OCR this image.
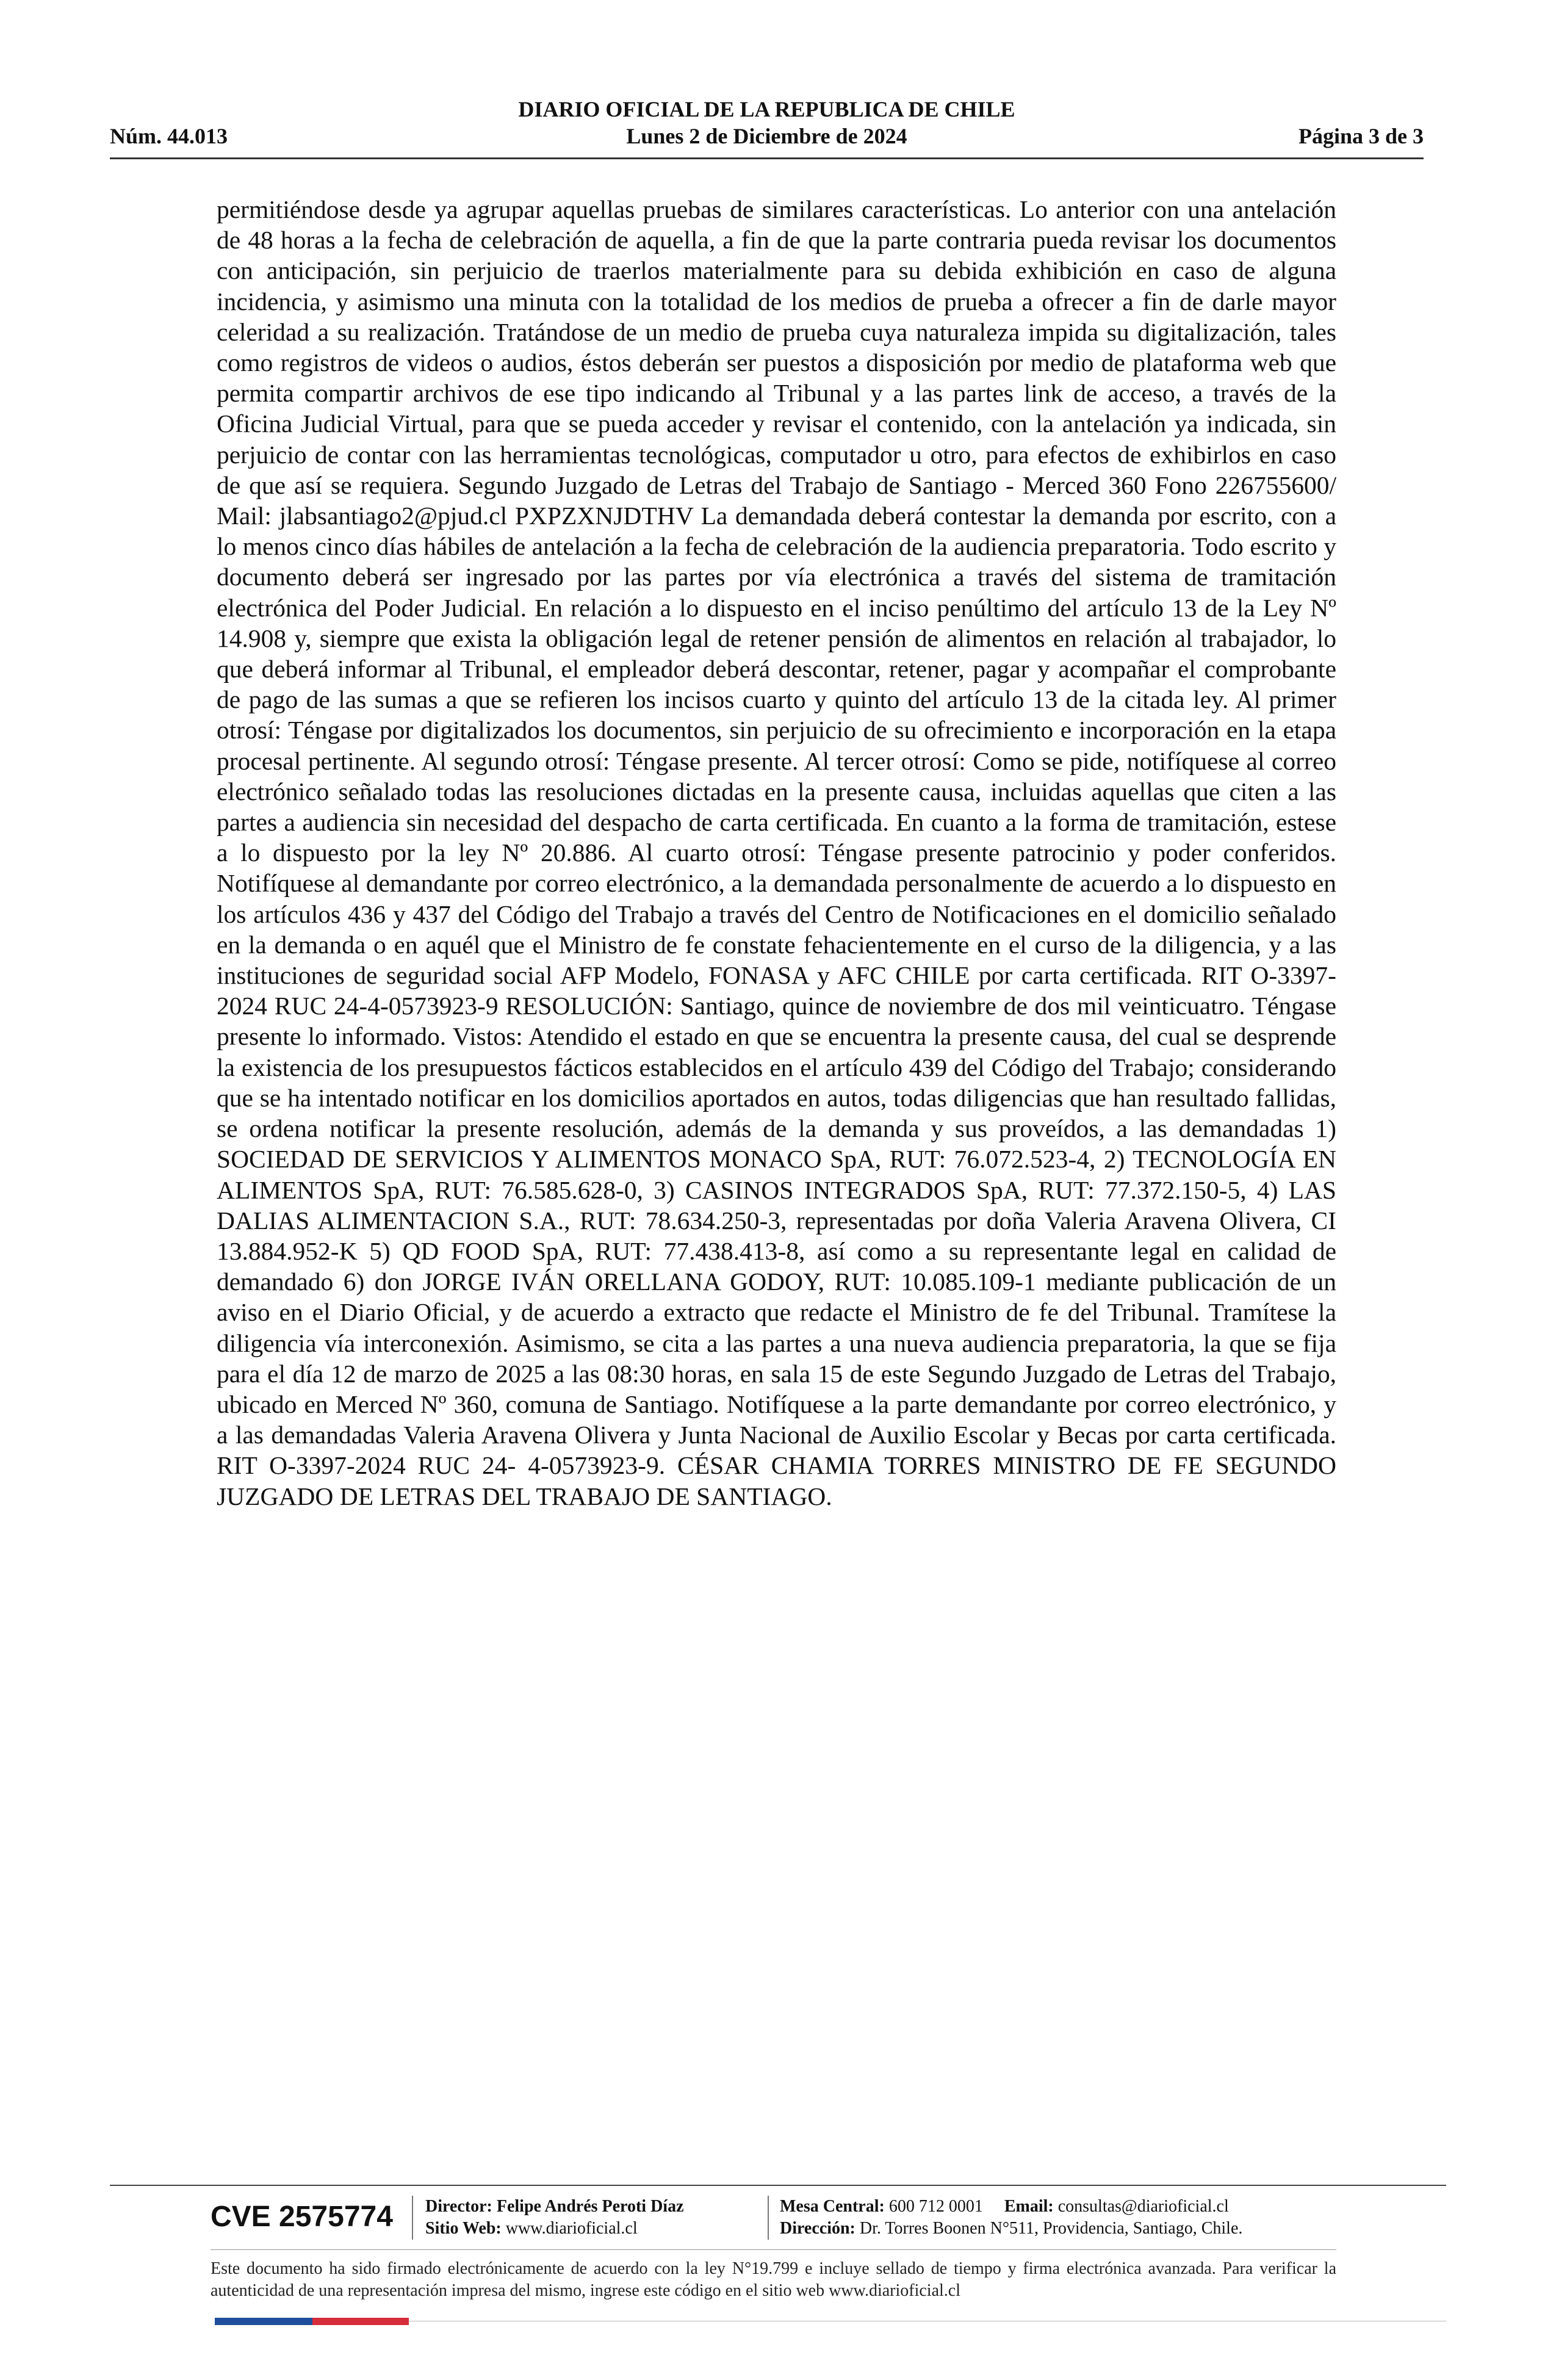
DIARIO OFICIAL DE LA REPUBLICA DE CHILE
Núm. 44.013	Lunes 2 de Diciembre de 2024	Página 3 de 3

permitiéndose desde ya agrupar aquellas pruebas de similares características. Lo anterior con una antelación de 48 horas a la fecha de celebración de aquella, a fin de que la parte contraria pueda revisar los documentos con anticipación, sin perjuicio de traerlos materialmente para su debida exhibición en caso de alguna incidencia, y asimismo una minuta con la totalidad de los medios de prueba a ofrecer a fin de darle mayor celeridad a su realización. Tratándose de un medio de prueba cuya naturaleza impida su digitalización, tales como registros de videos o audios, éstos deberán ser puestos a disposición por medio de plataforma web que permita compartir archivos de ese tipo indicando al Tribunal y a las partes link de acceso, a través de la Oficina Judicial Virtual, para que se pueda acceder y revisar el contenido, con la antelación ya indicada, sin perjuicio de contar con las herramientas tecnológicas, computador u otro, para efectos de exhibirlos en caso de que así se requiera. Segundo Juzgado de Letras del Trabajo de Santiago - Merced 360 Fono 226755600/ Mail: jlabsantiago2@pjud.cl PXPZXNJDTHV La demandada deberá contestar la demanda por escrito, con a lo menos cinco días hábiles de antelación a la fecha de celebración de la audiencia preparatoria. Todo escrito y documento deberá ser ingresado por las partes por vía electrónica a través del sistema de tramitación electrónica del Poder Judicial. En relación a lo dispuesto en el inciso penúltimo del artículo 13 de la Ley Nº 14.908 y, siempre que exista la obligación legal de retener pensión de alimentos en relación al trabajador, lo que deberá informar al Tribunal, el empleador deberá descontar, retener, pagar y acompañar el comprobante de pago de las sumas a que se refieren los incisos cuarto y quinto del artículo 13 de la citada ley. Al primer otrosí: Téngase por digitalizados los documentos, sin perjuicio de su ofrecimiento e incorporación en la etapa procesal pertinente. Al segundo otrosí: Téngase presente. Al tercer otrosí: Como se pide, notifíquese al correo electrónico señalado todas las resoluciones dictadas en la presente causa, incluidas aquellas que citen a las partes a audiencia sin necesidad del despacho de carta certificada. En cuanto a la forma de tramitación, estese a lo dispuesto por la ley Nº 20.886. Al cuarto otrosí: Téngase presente patrocinio y poder conferidos. Notifíquese al demandante por correo electrónico, a la demandada personalmente de acuerdo a lo dispuesto en los artículos 436 y 437 del Código del Trabajo a través del Centro de Notificaciones en el domicilio señalado en la demanda o en aquél que el Ministro de fe constate fehacientemente en el curso de la diligencia, y a las instituciones de seguridad social AFP Modelo, FONASA y AFC CHILE por carta certificada. RIT O-3397-2024 RUC 24-4-0573923-9 RESOLUCIÓN: Santiago, quince de noviembre de dos mil veinticuatro. Téngase presente lo informado. Vistos: Atendido el estado en que se encuentra la presente causa, del cual se desprende la existencia de los presupuestos fácticos establecidos en el artículo 439 del Código del Trabajo; considerando que se ha intentado notificar en los domicilios aportados en autos, todas diligencias que han resultado fallidas, se ordena notificar la presente resolución, además de la demanda y sus proveídos, a las demandadas 1) SOCIEDAD DE SERVICIOS Y ALIMENTOS MONACO SpA, RUT: 76.072.523-4, 2) TECNOLOGÍA EN ALIMENTOS SpA, RUT: 76.585.628-0, 3) CASINOS INTEGRADOS SpA, RUT: 77.372.150-5, 4) LAS DALIAS ALIMENTACION S.A., RUT: 78.634.250-3, representadas por doña Valeria Aravena Olivera, CI 13.884.952-K 5) QD FOOD SpA, RUT: 77.438.413-8, así como a su representante legal en calidad de demandado 6) don JORGE IVÁN ORELLANA GODOY, RUT: 10.085.109-1 mediante publicación de un aviso en el Diario Oficial, y de acuerdo a extracto que redacte el Ministro de fe del Tribunal. Tramítese la diligencia vía interconexión. Asimismo, se cita a las partes a una nueva audiencia preparatoria, la que se fija para el día 12 de marzo de 2025 a las 08:30 horas, en sala 15 de este Segundo Juzgado de Letras del Trabajo, ubicado en Merced Nº 360, comuna de Santiago. Notifíquese a la parte demandante por correo electrónico, y a las demandadas Valeria Aravena Olivera y Junta Nacional de Auxilio Escolar y Becas por carta certificada. RIT O-3397-2024 RUC 24- 4-0573923-9. CÉSAR CHAMIA TORRES MINISTRO DE FE SEGUNDO JUZGADO DE LETRAS DEL TRABAJO DE SANTIAGO.

CVE 2575774	Director: Felipe Andrés Peroti Díaz
Sitio Web: www.diarioficial.cl
Mesa Central: 600 712 0001 Email: consultas@diarioficial.cl
Dirección: Dr. Torres Boonen N°511, Providencia, Santiago, Chile.
Este documento ha sido firmado electrónicamente de acuerdo con la ley N°19.799 e incluye sellado de tiempo y firma electrónica avanzada. Para verificar la autenticidad de una representación impresa del mismo, ingrese este código en el sitio web www.diarioficial.cl
